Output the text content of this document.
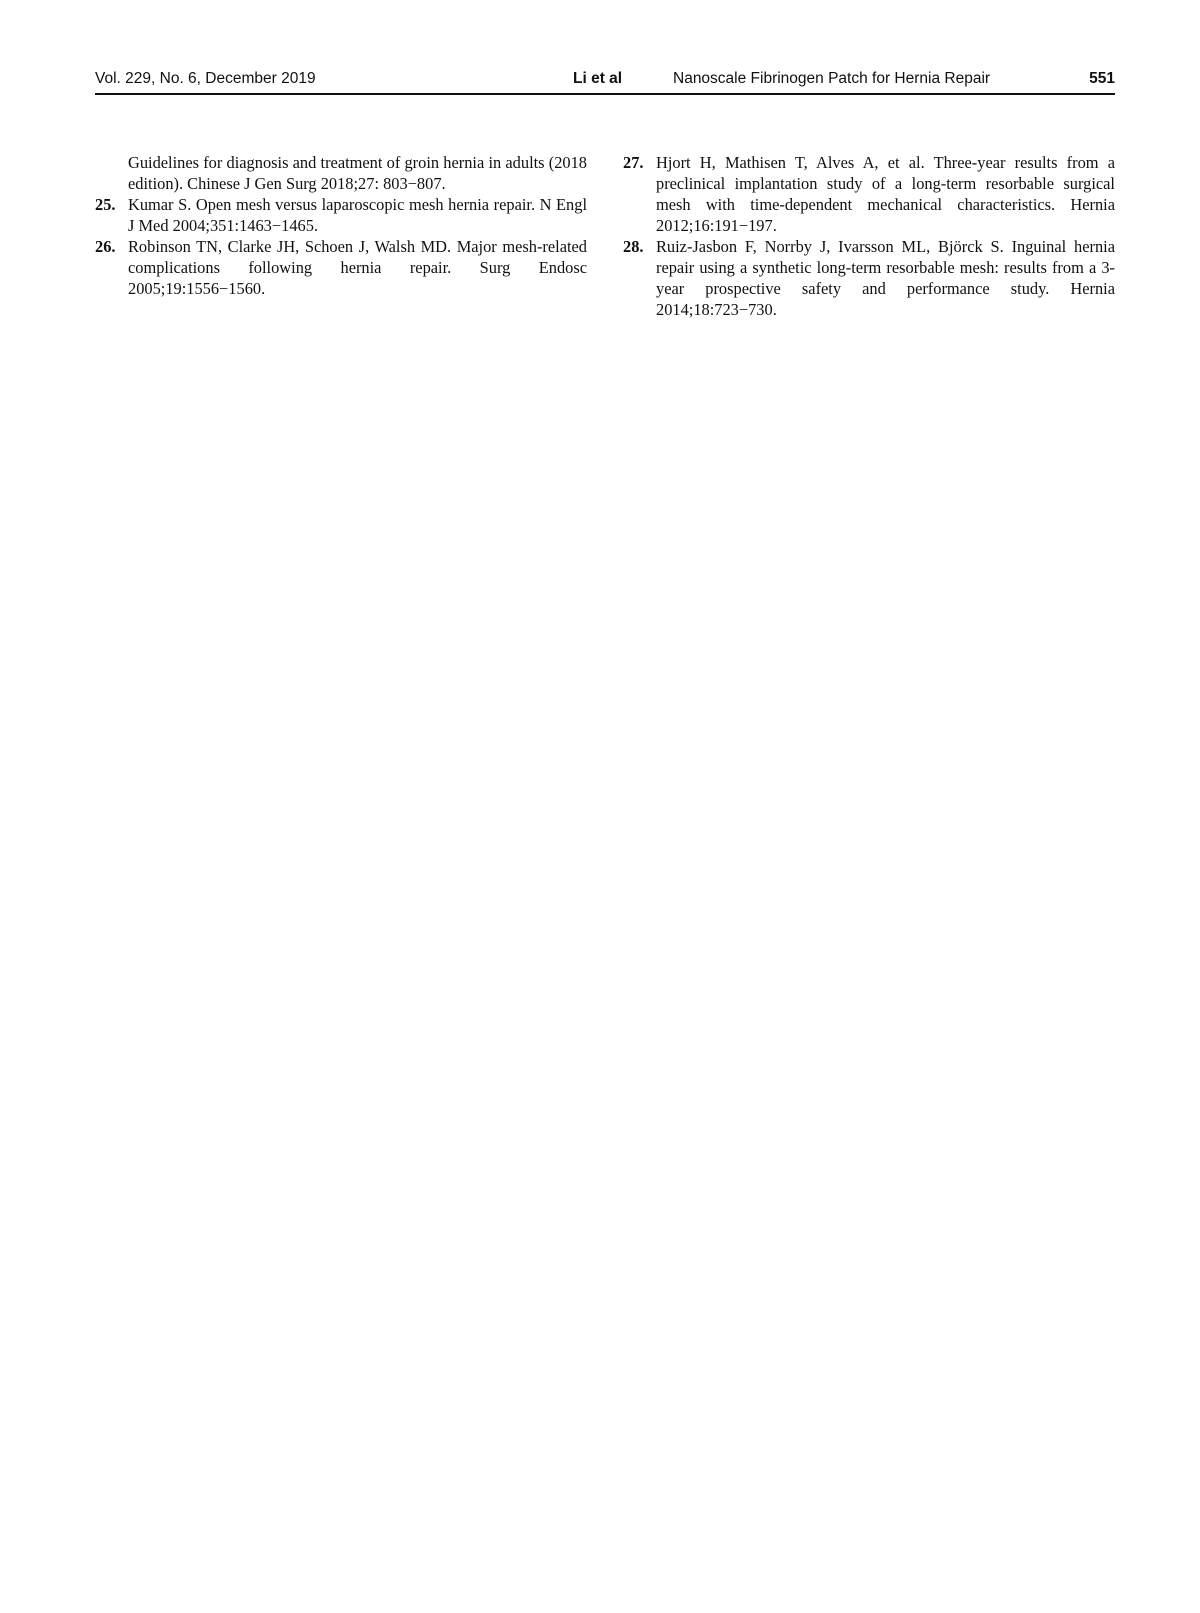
Vol. 229, No. 6, December 2019	Li et al	Nanoscale Fibrinogen Patch for Hernia Repair	551
Guidelines for diagnosis and treatment of groin hernia in adults (2018 edition). Chinese J Gen Surg 2018;27: 803−807.
25. Kumar S. Open mesh versus laparoscopic mesh hernia repair. N Engl J Med 2004;351:1463−1465.
26. Robinson TN, Clarke JH, Schoen J, Walsh MD. Major mesh-related complications following hernia repair. Surg Endosc 2005;19:1556−1560.
27. Hjort H, Mathisen T, Alves A, et al. Three-year results from a preclinical implantation study of a long-term resorbable surgical mesh with time-dependent mechanical characteristics. Hernia 2012;16:191−197.
28. Ruiz-Jasbon F, Norrby J, Ivarsson ML, Björck S. Inguinal hernia repair using a synthetic long-term resorbable mesh: results from a 3-year prospective safety and performance study. Hernia 2014;18:723−730.
